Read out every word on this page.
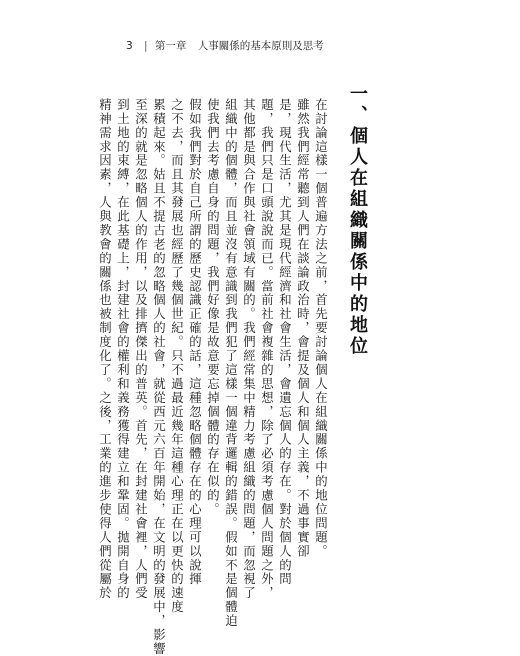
3 | 第一章 人事關係的基本原則及思考
一、個人在組織關係中的地位
在討論這樣一個普遍方法之前，首先要討論個人在組織關係中的地位問題。
雖然我們經常聽到人們在談論政治時，會提及個人和個人主義，不過事實卻
是，現代生活，尤其是現代經濟和社會生活，會遺忘個人的存在。對於個人的問
題，我們只是口頭說說而已。當前社會複雜的思想，除了必須考慮個人問題之外，
其他都是與合作與社會領域有關的。我們經常集中精力考慮組織的問題，而忽視了
組織中的個體，而且並沒有意識到我們犯了這樣一個違背邏輯的錯誤。假如不是個體迫
使我們去考慮自身的問題，我們好像是故意要忘掉個體的存在似的。
假如我們對於自己所謂的歷史認識正確的話，這種忽略個體存在的心理可以說揮
之不去，而且其發展也經歷了幾個世紀。只不過最近幾年這種心理正在以更快的速度
累積起來。姑且不提古老的忽略個人的社會，就從西元六百年開始，在文明的發展中，影響
至深的就是忽略個人的作用，以及排擠傑出的普英。首先，在封建社會裡，人們受
到土地的束縛，在此基礎上，封建社會的權利和義務獲得建立和鞏固。拋開自身的
精神需求因素，人與教會的關係也被制度化了。之後，工業的進步使得人們從屬於
